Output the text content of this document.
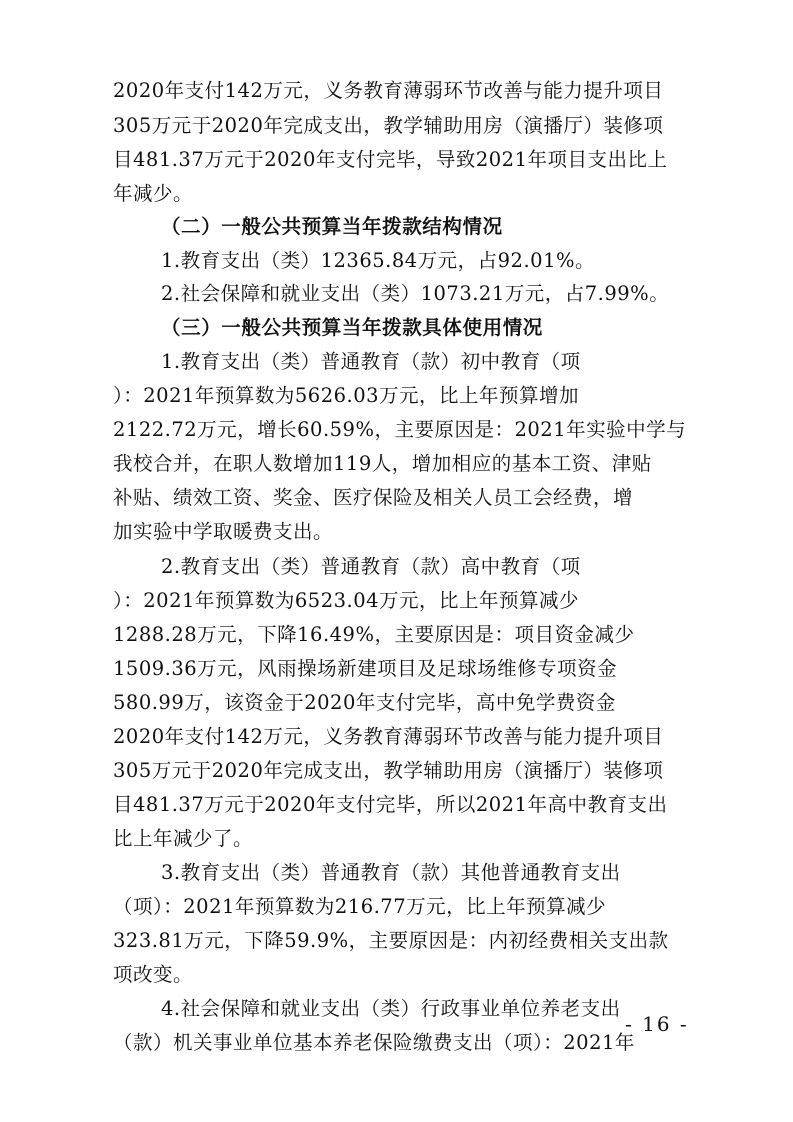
2020年支付142万元，义务教育薄弱环节改善与能力提升项目
305万元于2020年完成支出，教学辅助用房（演播厅）装修项
目481.37万元于2020年支付完毕，导致2021年项目支出比上
年减少。
（二）一般公共预算当年拨款结构情况
1.教育支出（类）12365.84万元，占92.01%。
2.社会保障和就业支出（类）1073.21万元，占7.99%。
（三）一般公共预算当年拨款具体使用情况
1.教育支出（类）普通教育（款）初中教育（项
）：2021年预算数为5626.03万元，比上年预算增加
2122.72万元，增长60.59%，主要原因是：2021年实验中学与
我校合并，在职人数增加119人，增加相应的基本工资、津贴
补贴、绩效工资、奖金、医疗保险及相关人员工会经费，增
加实验中学取暖费支出。
2.教育支出（类）普通教育（款）高中教育（项
）：2021年预算数为6523.04万元，比上年预算减少
1288.28万元，下降16.49%，主要原因是：项目资金减少
1509.36万元，风雨操场新建项目及足球场维修专项资金
580.99万，该资金于2020年支付完毕，高中免学费资金
2020年支付142万元，义务教育薄弱环节改善与能力提升项目
305万元于2020年完成支出，教学辅助用房（演播厅）装修项
目481.37万元于2020年支付完毕，所以2021年高中教育支出
比上年减少了。
3.教育支出（类）普通教育（款）其他普通教育支出
（项）：2021年预算数为216.77万元，比上年预算减少
323.81万元，下降59.9%，主要原因是：内初经费相关支出款
项改变。
4.社会保障和就业支出（类）行政事业单位养老支出
（款）机关事业单位基本养老保险缴费支出（项）：2021年
- 16 -
